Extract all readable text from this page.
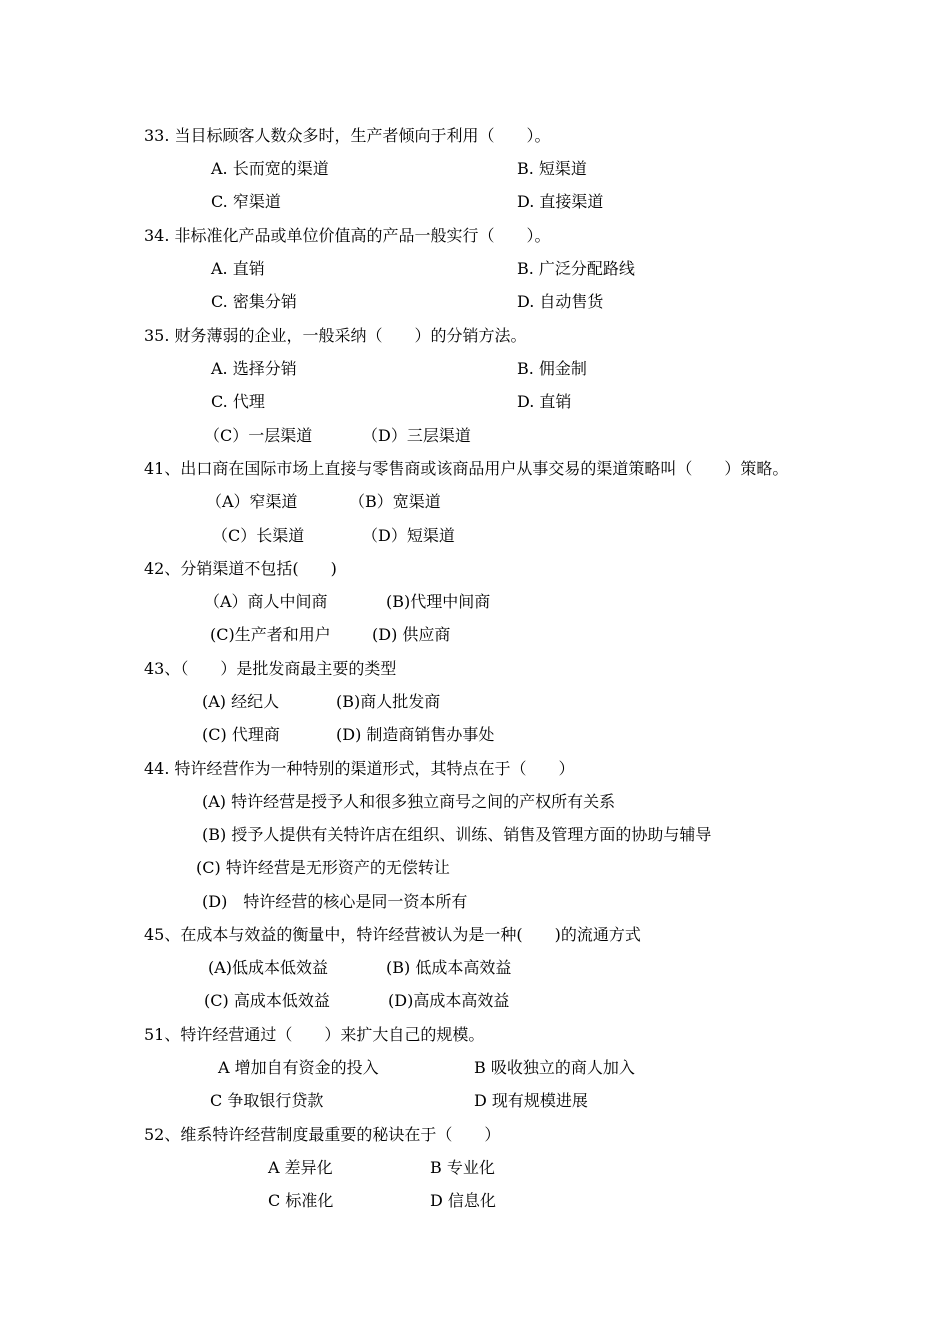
33. 当目标顾客人数众多时，生产者倾向于利用（　　）。
A. 长而宽的渠道	B. 短渠道
C. 窄渠道	D. 直接渠道
34. 非标准化产品或单位价值高的产品一般实行（　　）。
A. 直销	B. 广泛分配路线
C. 密集分销	D. 自动售货
35. 财务薄弱的企业，一般采纳（　　）的分销方法。
A. 选择分销	B. 佣金制
C. 代理	D. 直销
（C）一层渠道	（D）三层渠道
41、出口商在国际市场上直接与零售商或该商品用户从事交易的渠道策略叫（　　）策略。
（A）窄渠道	（B）宽渠道
（C）长渠道	（D）短渠道
42、分销渠道不包括(　　)
（A）商人中间商	(B)代理中间商
(C)生产者和用户	(D) 供应商
43、（　　）是批发商最主要的类型
(A) 经纪人	(B)商人批发商
(C) 代理商	(D) 制造商销售办事处
44. 特许经营作为一种特别的渠道形式，其特点在于（　　）
(A) 特许经营是授予人和很多独立商号之间的产权所有关系
(B) 授予人提供有关特许店在组织、训练、销售及管理方面的协助与辅导
(C) 特许经营是无形资产的无偿转让
(D)　特许经营的核心是同一资本所有
45、在成本与效益的衡量中，特许经营被认为是一种(　　)的流通方式
(A)低成本低效益	(B) 低成本高效益
(C) 高成本低效益	(D)高成本高效益
51、特许经营通过（　　）来扩大自己的规模。
A 增加自有资金的投入	B 吸收独立的商人加入
C 争取银行贷款	D 现有规模进展
52、维系特许经营制度最重要的秘诀在于（　　）
A 差异化	B 专业化
C 标准化	D 信息化
